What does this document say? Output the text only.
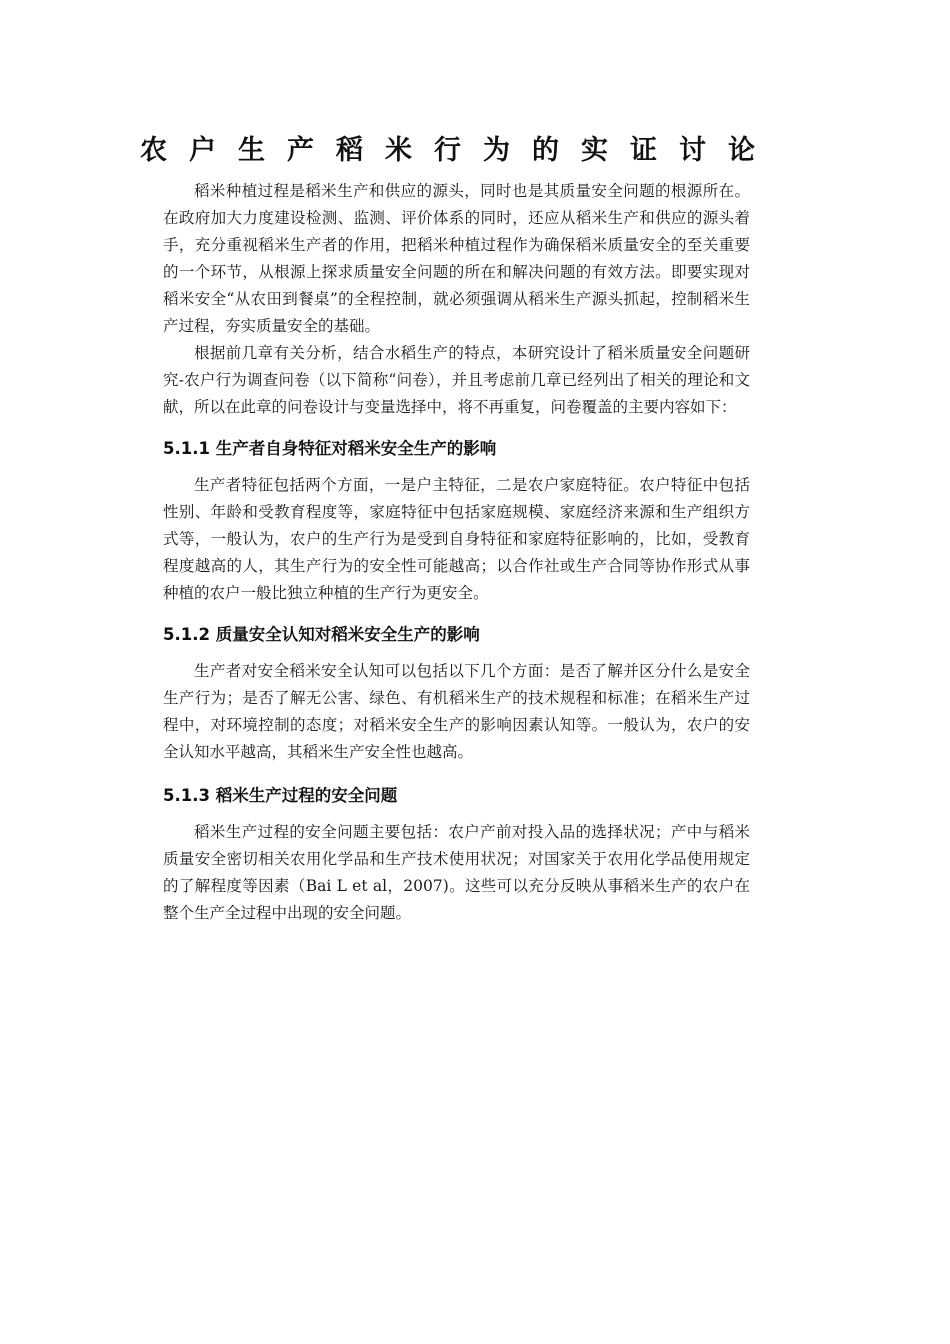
农户生产稻米行为的实证讨论

稻米种植过程是稻米生产和供应的源头，同时也是其质量安全问题的根源所在。在政府加大力度建设检测、监测、评价体系的同时，还应从稻米生产和供应的源头着手，充分重视稻米生产者的作用，把稻米种植过程作为确保稻米质量安全的至关重要的一个环节，从根源上探求质量安全问题的所在和解决问题的有效方法。即要实现对稻米安全“从农田到餐桌”的全程控制，就必须强调从稻米生产源头抓起，控制稻米生产过程，夯实质量安全的基础。

根据前几章有关分析，结合水稻生产的特点，本研究设计了稻米质量安全问题研究-农户行为调查问卷（以下简称“问卷），并且考虑前几章已经列出了相关的理论和文献，所以在此章的问卷设计与变量选择中，将不再重复，问卷覆盖的主要内容如下：

5.1.1 生产者自身特征对稻米安全生产的影响

生产者特征包括两个方面，一是户主特征，二是农户家庭特征。农户特征中包括性别、年龄和受教育程度等，家庭特征中包括家庭规模、家庭经济来源和生产组织方式等，一般认为，农户的生产行为是受到自身特征和家庭特征影响的，比如，受教育程度越高的人，其生产行为的安全性可能越高；以合作社或生产合同等协作形式从事种植的农户一般比独立种植的生产行为更安全。

5.1.2 质量安全认知对稻米安全生产的影响

生产者对安全稻米安全认知可以包括以下几个方面：是否了解并区分什么是安全生产行为；是否了解无公害、绿色、有机稻米生产的技术规程和标准；在稻米生产过程中，对环境控制的态度；对稻米安全生产的影响因素认知等。一般认为，农户的安全认知水平越高，其稻米生产安全性也越高。

5.1.3 稻米生产过程的安全问题

稻米生产过程的安全问题主要包括：农户产前对投入品的选择状况；产中与稻米质量安全密切相关农用化学品和生产技术使用状况；对国家关于农用化学品使用规定的了解程度等因素（Bai L et al，2007)。这些可以充分反映从事稻米生产的农户在整个生产全过程中出现的安全问题。
